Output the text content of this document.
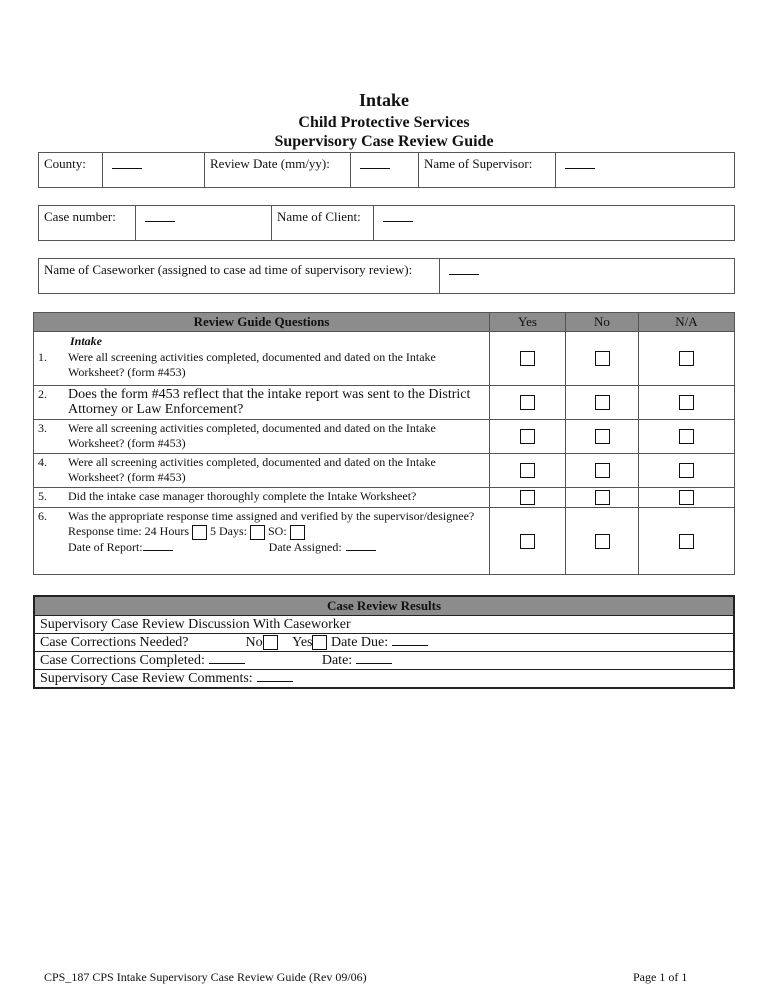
Intake
Child Protective Services
Supervisory Case Review Guide
County:	Review Date (mm/yy):	Name of Supervisor:
Case number:	Name of Client:
Name of Caseworker (assigned to case ad time of supervisory review):
Review Guide Questions	Yes	No	N/A

Intake
1. Were all screening activities completed, documented and dated on the Intake Worksheet? (form #453)			

2. Does the form #453 reflect that the intake report was sent to the District Attorney or Law Enforcement?			

3. Were all screening activities completed, documented and dated on the Intake Worksheet? (form #453)			

4. Were all screening activities completed, documented and dated on the Intake Worksheet? (form #453)			

5. Did the intake case manager thoroughly complete the Intake Worksheet?			

6. Was the appropriate response time assigned and verified by the supervisor/designee? Response time: 24 Hours 5 Days: SO:
Date of Report: Date Assigned:			

Case Review Results
Supervisory Case Review Discussion With Caseworker
Case Corrections Needed?	No Yes Date Due:
Case Corrections Completed:	Date:
Supervisory Case Review Comments:
CPS_187 CPS Intake Supervisory Case Review Guide (Rev 09/06)	Page 1 of 1
